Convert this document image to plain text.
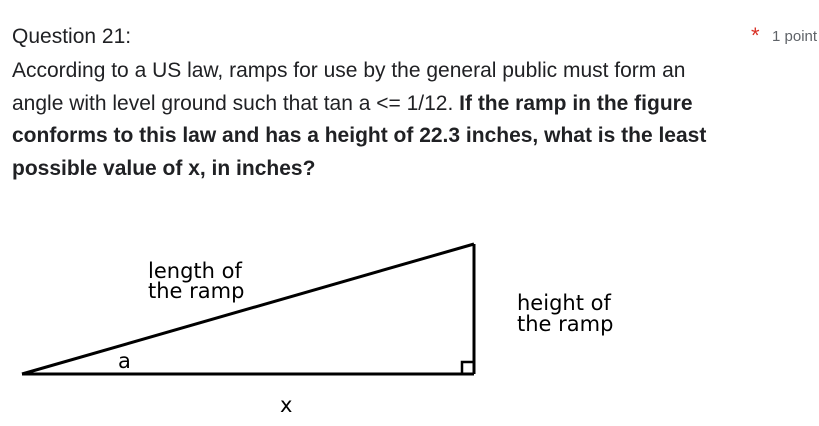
Question 21:	* 1 point
According to a US law, ramps for use by the general public must form an angle with level ground such that tan a <= 1/12. If the ramp in the figure conforms to this law and has a height of 22.3 inches, what is the least possible value of x, in inches?
length of
the ramp	height of
the ramp
a
x
